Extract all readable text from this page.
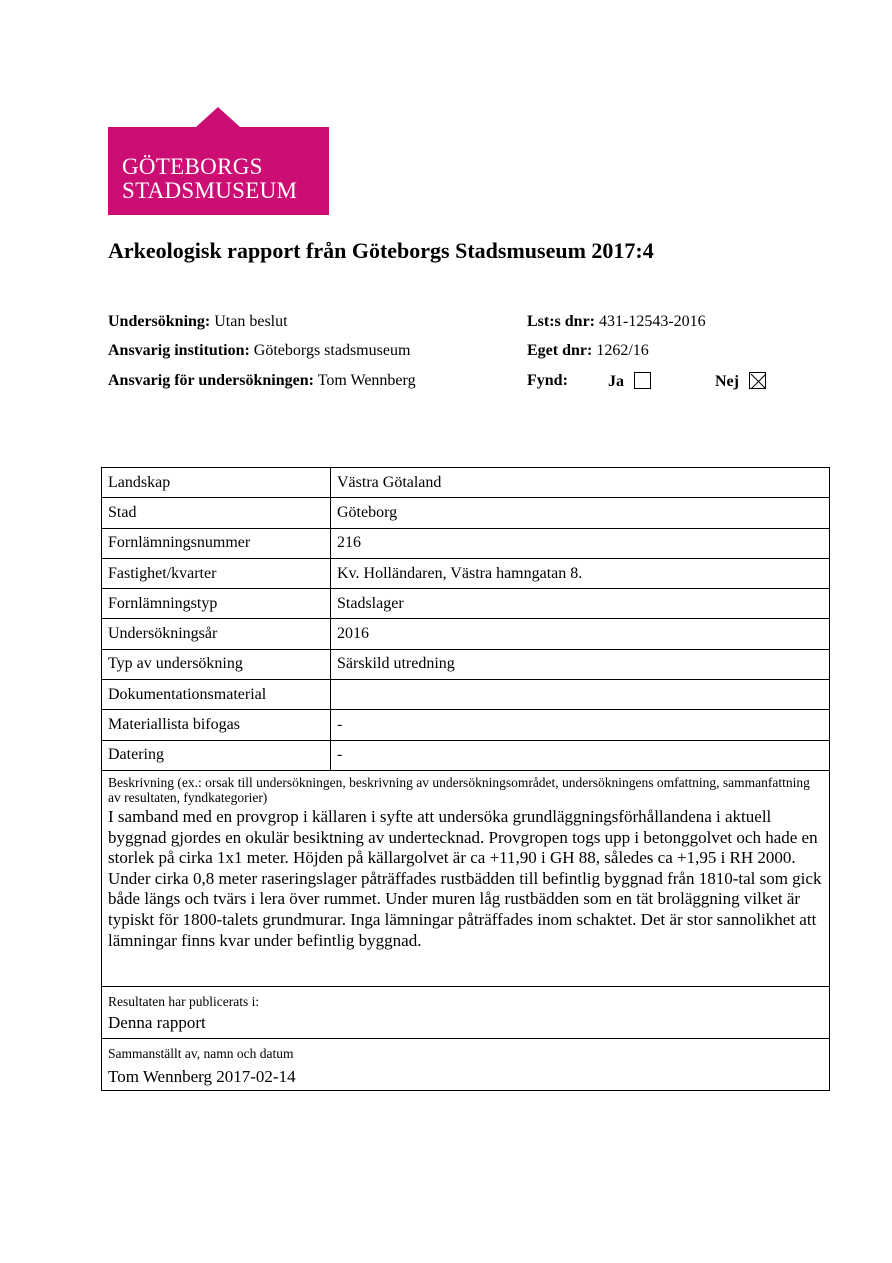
GÖTEBORGS
STADSMUSEUM
Arkeologisk rapport från Göteborgs Stadsmuseum 2017:4
Undersökning: Utan beslut
Ansvarig institution: Göteborgs stadsmuseum
Ansvarig för undersökningen: Tom Wennberg
Lst:s dnr: 431-12543-2016
Eget dnr: 1262/16
Fynd:	Ja	Nej
Landskap	Västra Götaland
Stad	Göteborg
Fornlämningsnummer	216
Fastighet/kvarter	Kv. Holländaren, Västra hamngatan 8.
Fornlämningstyp	Stadslager
Undersökningsår	2016
Typ av undersökning	Särskild utredning
Dokumentationsmaterial	
Materiallista bifogas	-
Datering	-
Beskrivning (ex.: orsak till undersökningen, beskrivning av undersökningsområdet, undersökningens omfattning, sammanfattning av resultaten, fyndkategorier)
I samband med en provgrop i källaren i syfte att undersöka grundläggningsförhållandena i aktuell byggnad gjordes en okulär besiktning av undertecknad. Provgropen togs upp i betonggolvet och hade en storlek på cirka 1x1 meter. Höjden på källargolvet är ca +11,90 i GH 88, således ca +1,95 i RH 2000. Under cirka 0,8 meter raseringslager påträffades rustbädden till befintlig byggnad från 1810-tal som gick både längs och tvärs i lera över rummet. Under muren låg rustbädden som en tät broläggning vilket är typiskt för 1800-talets grundmurar. Inga lämningar påträffades inom schaktet. Det är stor sannolikhet att lämningar finns kvar under befintlig byggnad.
Resultaten har publicerats i:
Denna rapport
Sammanställt av, namn och datum
Tom Wennberg 2017-02-14
